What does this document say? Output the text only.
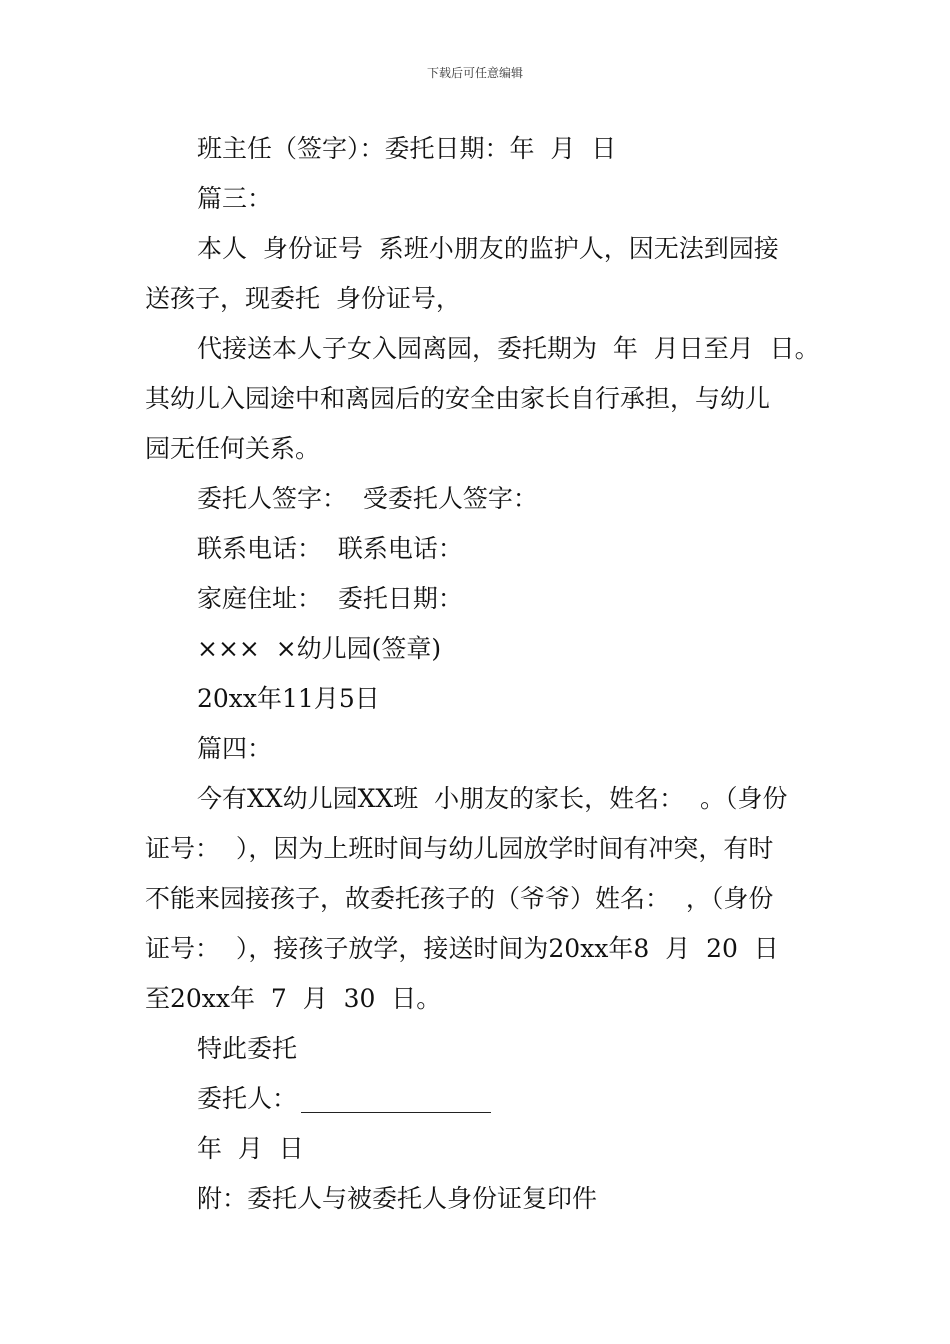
下载后可任意编辑
班主任（签字）：委托日期：年  月  日
篇三：
本人  身份证号  系班小朋友的监护人，因无法到园接
送孩子，现委托  身份证号，
代接送本人子女入园离园，委托期为  年  月日至月  日。
其幼儿入园途中和离园后的安全由家长自行承担，与幼儿
园无任何关系。
委托人签字：  受委托人签字：
联系电话：  联系电话：
家庭住址：  委托日期：
×××  ×幼儿园(签章)
20xx年11月5日
篇四：
今有XX幼儿园XX班  小朋友的家长，姓名：  。（身份
证号：  ），因为上班时间与幼儿园放学时间有冲突，有时
不能来园接孩子，故委托孩子的（爷爷）姓名：  ，（身份
证号：  ），接孩子放学，接送时间为20xx年8  月  20  日
至20xx年  7  月  30  日。
特此委托
委托人：
年  月  日
附：委托人与被委托人身份证复印件
